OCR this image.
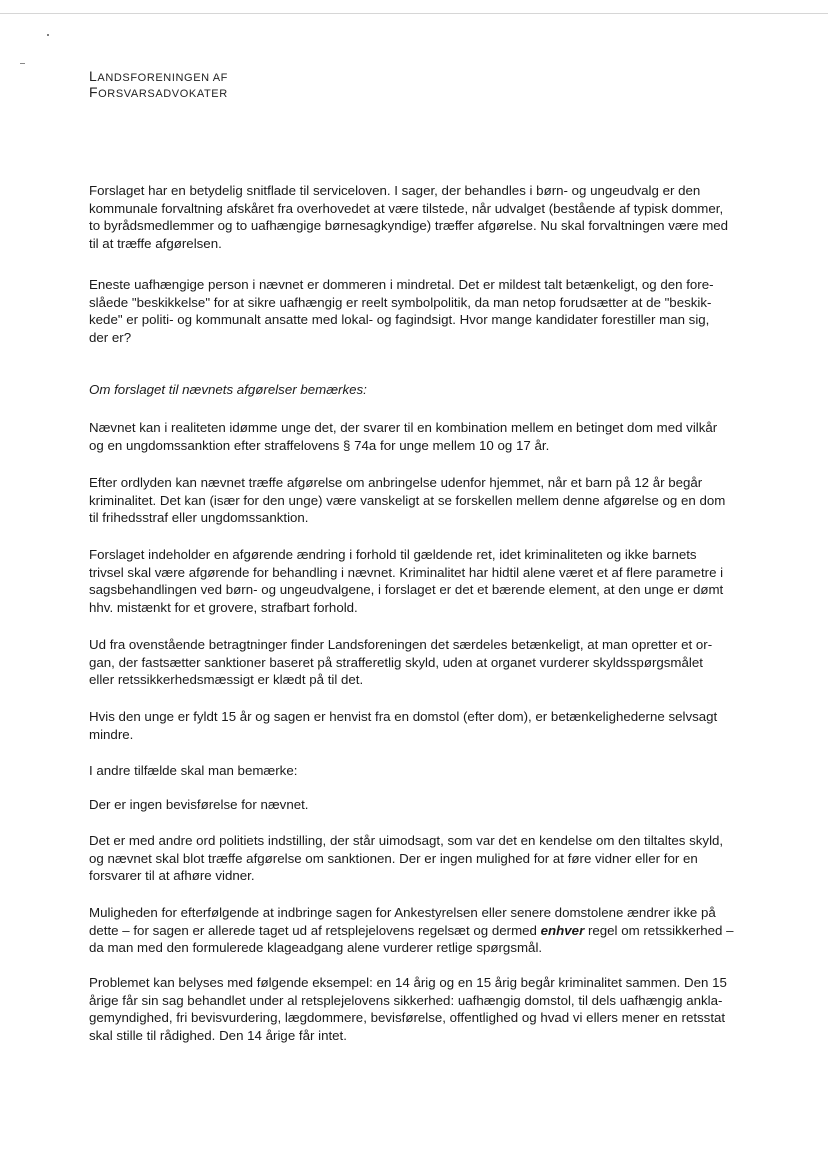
LANDSFORENINGEN AF
FORSVARSADVOKATER

Forslaget har en betydelig snitflade til serviceloven. I sager, der behandles i børn- og ungeudvalg er den
kommunale forvaltning afskåret fra overhovedet at være tilstede, når udvalget (bestående af typisk dommer,
to byrådsmedlemmer og to uafhængige børnesagkyndige) træffer afgørelse. Nu skal forvaltningen være med
til at træffe afgørelsen.

Eneste uafhængige person i nævnet er dommeren i mindretal. Det er mildest talt betænkeligt, og den fore-
slåede "beskikkelse" for at sikre uafhængig er reelt symbolpolitik, da man netop forudsætter at de "beskik-
kede" er politi- og kommunalt ansatte med lokal- og fagindsigt. Hvor mange kandidater forestiller man sig,
der er?

Om forslaget til nævnets afgørelser bemærkes:

Nævnet kan i realiteten idømme unge det, der svarer til en kombination mellem en betinget dom med vilkår
og en ungdomssanktion efter straffelovens § 74a for unge mellem 10 og 17 år.

Efter ordlyden kan nævnet træffe afgørelse om anbringelse udenfor hjemmet, når et barn på 12 år begår
kriminalitet. Det kan (især for den unge) være vanskeligt at se forskellen mellem denne afgørelse og en dom
til frihedsstraf eller ungdomssanktion.

Forslaget indeholder en afgørende ændring i forhold til gældende ret, idet kriminaliteten og ikke barnets
trivsel skal være afgørende for behandling i nævnet. Kriminalitet har hidtil alene været et af flere parametre i
sagsbehandlingen ved børn- og ungeudvalgene, i forslaget er det et bærende element, at den unge er dømt
hhv. mistænkt for et grovere, strafbart forhold.

Ud fra ovenstående betragtninger finder Landsforeningen det særdeles betænkeligt, at man opretter et or-
gan, der fastsætter sanktioner baseret på strafferetlig skyld, uden at organet vurderer skyldsspørgsmålet
eller retssikkerhedsmæssigt er klædt på til det.

Hvis den unge er fyldt 15 år og sagen er henvist fra en domstol (efter dom), er betænkelighederne selvsagt
mindre.

I andre tilfælde skal man bemærke:

Der er ingen bevisførelse for nævnet.

Det er med andre ord politiets indstilling, der står uimodsagt, som var det en kendelse om den tiltaltes skyld,
og nævnet skal blot træffe afgørelse om sanktionen. Der er ingen mulighed for at føre vidner eller for en
forsvarer til at afhøre vidner.

Muligheden for efterfølgende at indbringe sagen for Ankestyrelsen eller senere domstolene ændrer ikke på
dette – for sagen er allerede taget ud af retsplejelovens regelsæt og dermed enhver regel om retssikkerhed –
da man med den formulerede klageadgang alene vurderer retlige spørgsmål.

Problemet kan belyses med følgende eksempel: en 14 årig og en 15 årig begår kriminalitet sammen. Den 15
årige får sin sag behandlet under al retsplejelovens sikkerhed: uafhængig domstol, til dels uafhængig ankla-
gemyndighed, fri bevisvurdering, lægdommere, bevisførelse, offentlighed og hvad vi ellers mener en retsstat
skal stille til rådighed. Den 14 årige får intet.
